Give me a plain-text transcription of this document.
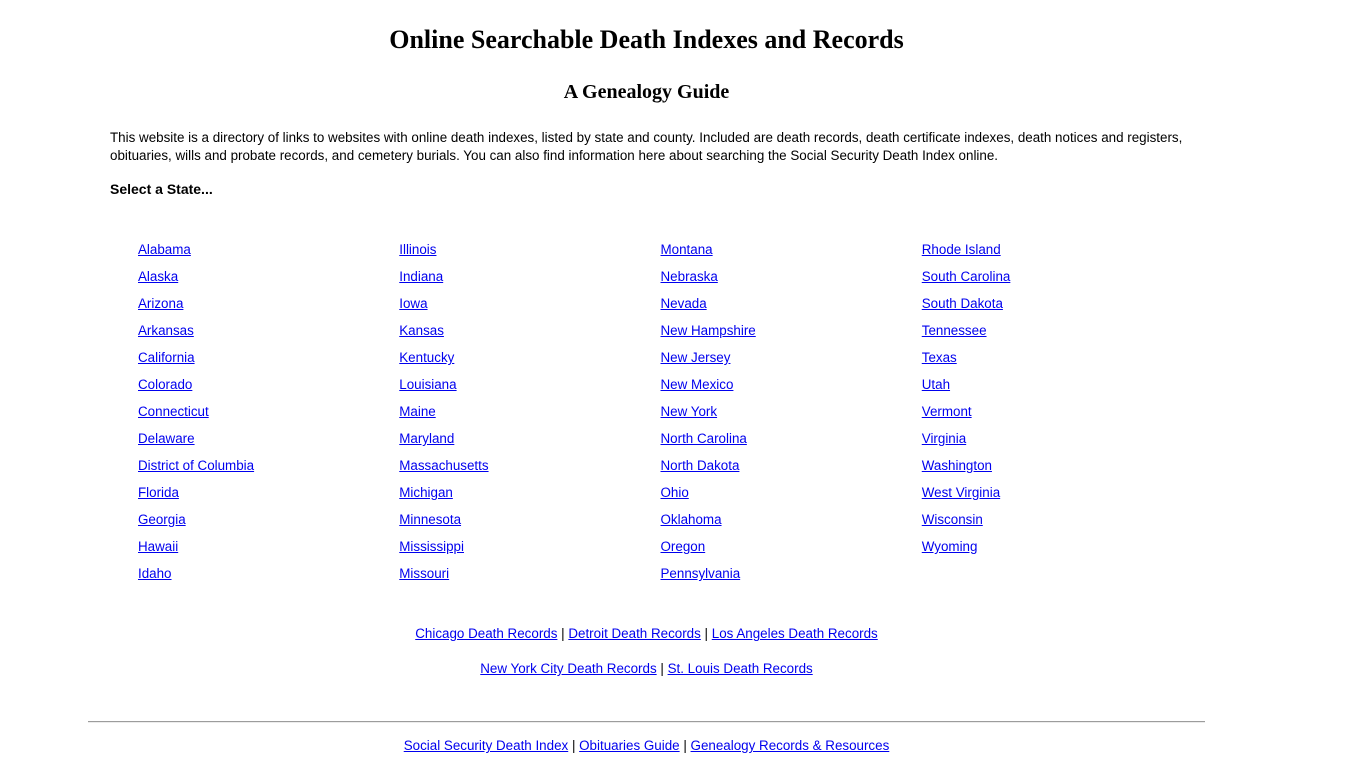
Online Searchable Death Indexes and Records
A Genealogy Guide

This website is a directory of links to websites with online death indexes, listed by state and county. Included are death records, death certificate indexes, death notices and registers, obituaries, wills and probate records, and cemetery burials. You can also find information here about searching the Social Security Death Index online.

Select a State...

Alabama
Alaska
Arizona
Arkansas
California
Colorado
Connecticut
Delaware
District of Columbia
Florida
Georgia
Hawaii
Idaho
Illinois
Indiana
Iowa
Kansas
Kentucky
Louisiana
Maine
Maryland
Massachusetts
Michigan
Minnesota
Mississippi
Missouri
Montana
Nebraska
Nevada
New Hampshire
New Jersey
New Mexico
New York
North Carolina
North Dakota
Ohio
Oklahoma
Oregon
Pennsylvania
Rhode Island
South Carolina
South Dakota
Tennessee
Texas
Utah
Vermont
Virginia
Washington
West Virginia
Wisconsin
Wyoming
Chicago Death Records | Detroit Death Records | Los Angeles Death Records
New York City Death Records | St. Louis Death Records
Social Security Death Index | Obituaries Guide | Genealogy Records & Resources
